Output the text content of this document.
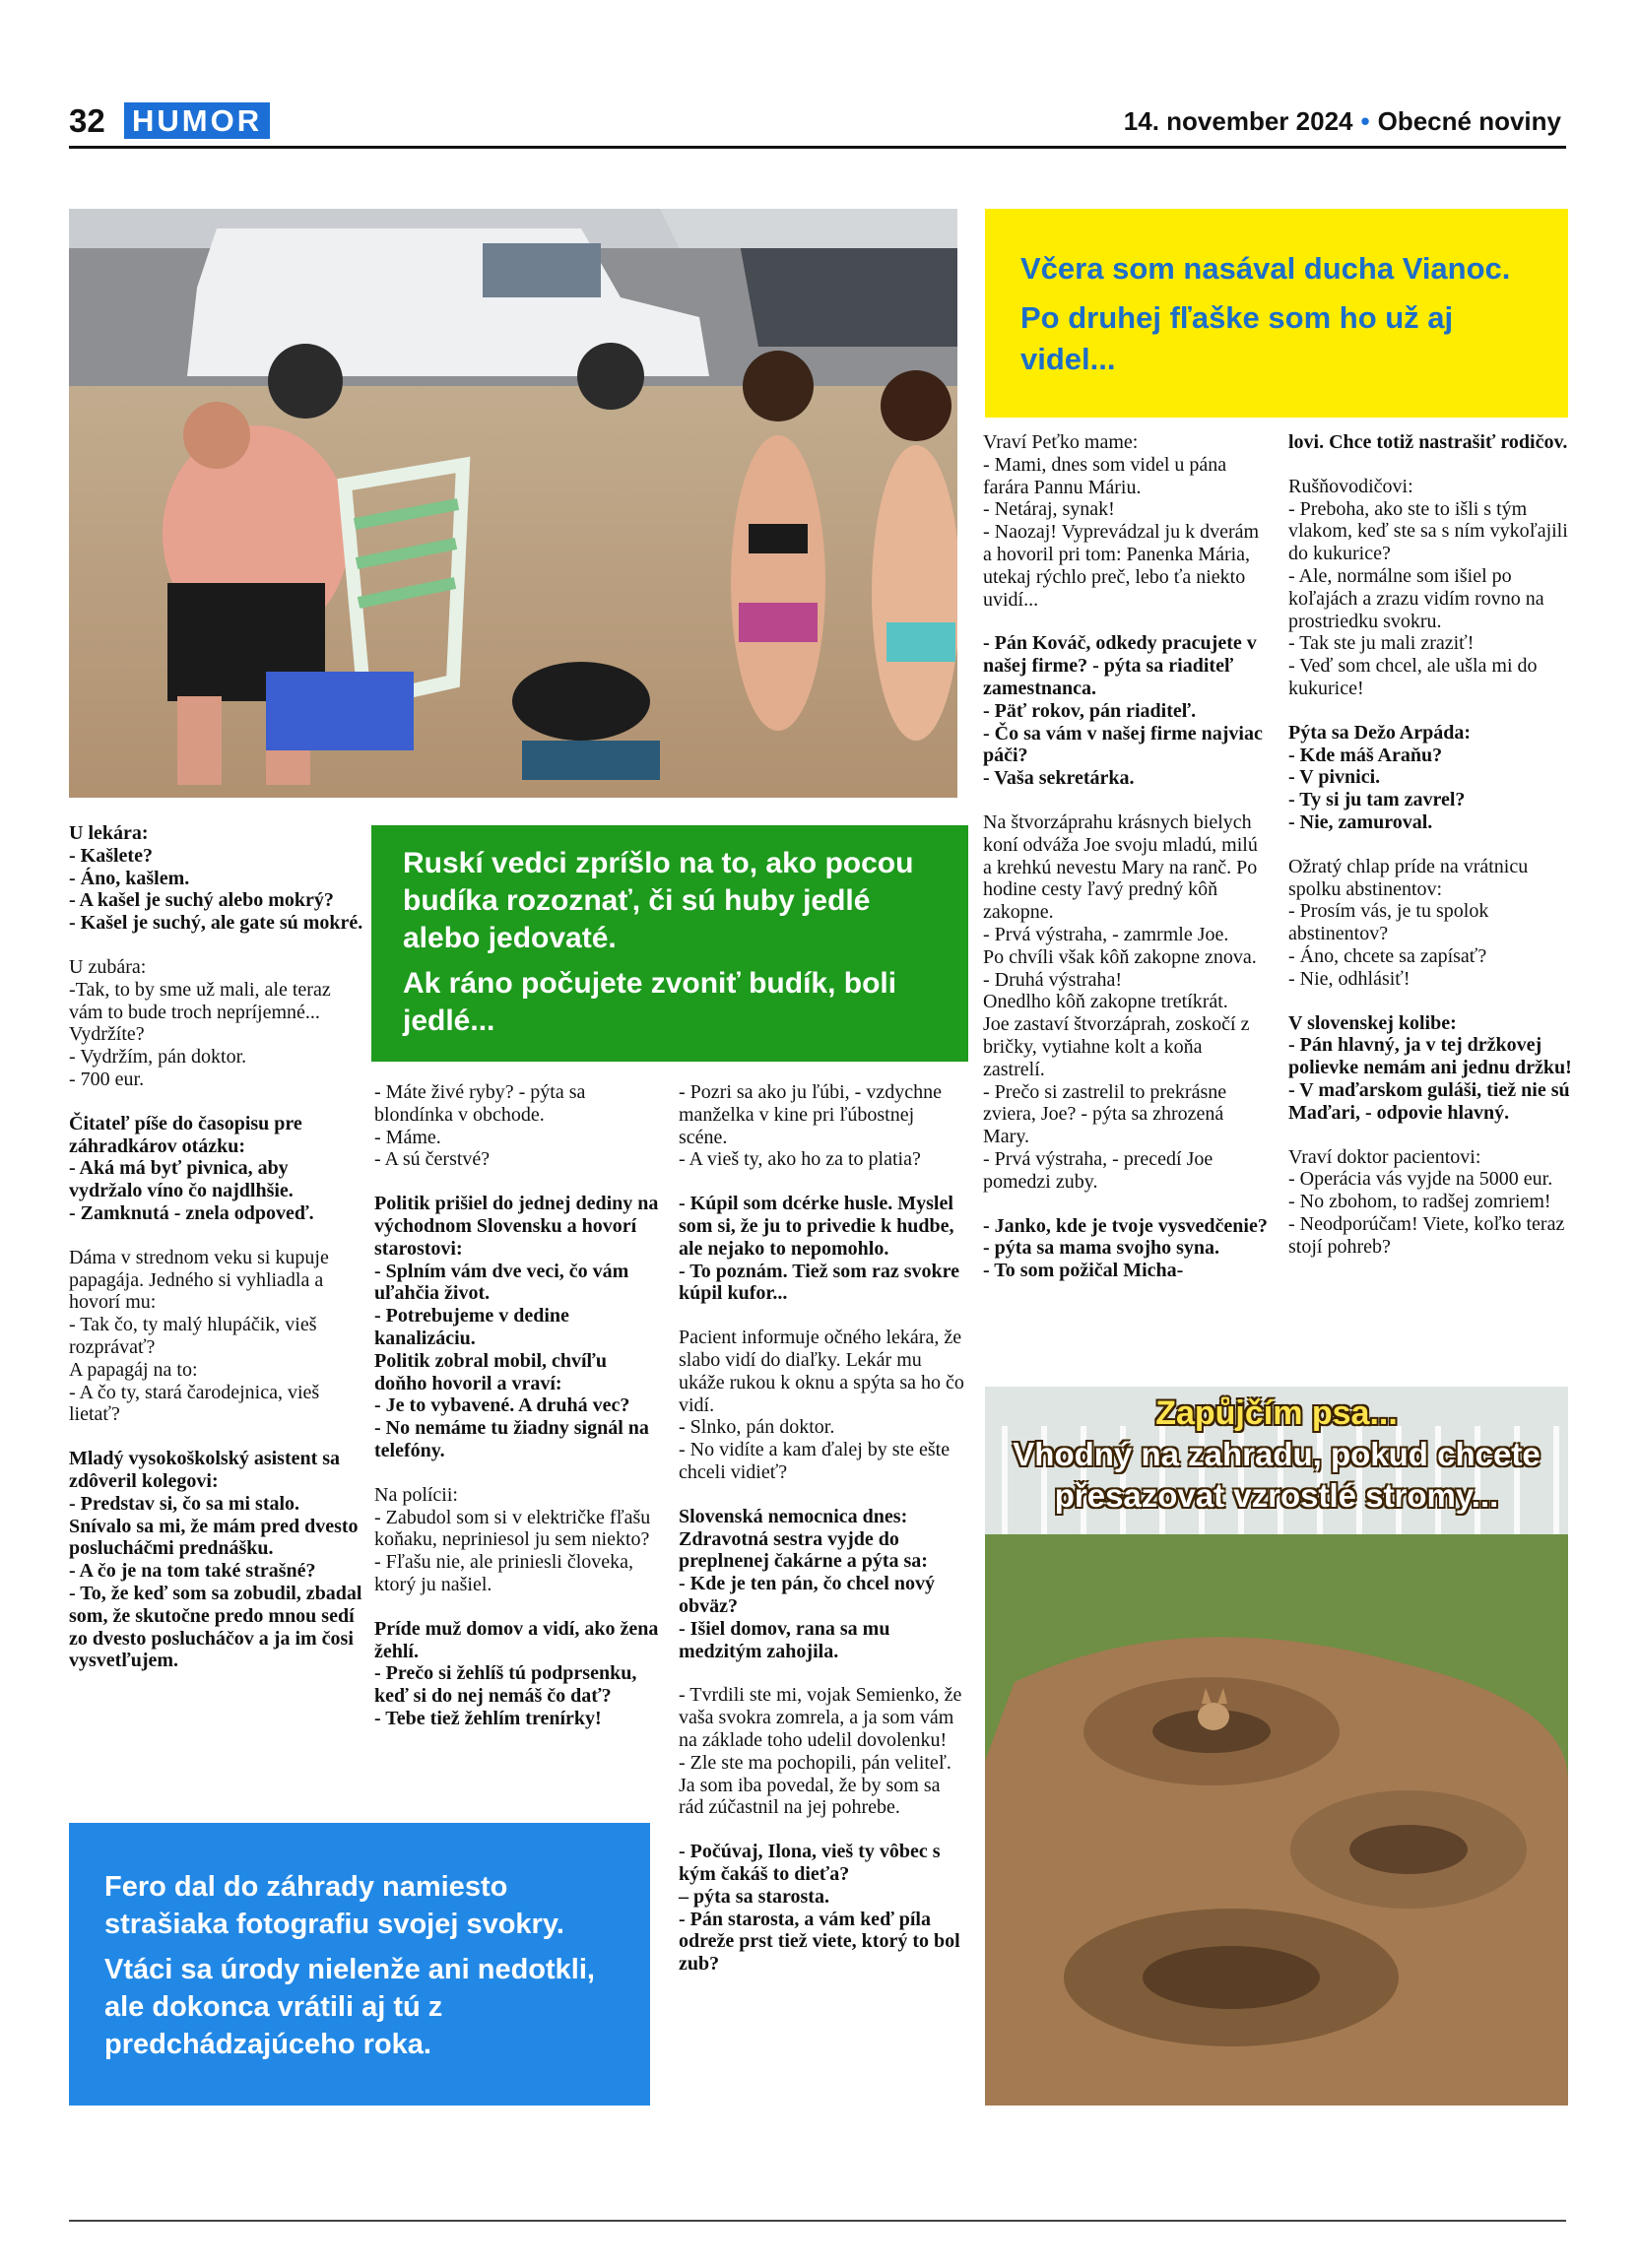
32 HUMOR	14. november 2024 • Obecné noviny

Včera som nasával ducha Vianoc.

Po druhej fľaške som ho už aj videl...

Ruskí vedci zpríšlo na to, ako pocou budíka rozoznať, či sú huby jedlé alebo jedovaté.

Ak ráno počujete zvoniť budík, boli jedlé...

Fero dal do záhrady namiesto strašiaka fotografiu svojej svokry.

Vtáci sa úrody nielenže ani nedotkli, ale dokonca vrátili aj tú z predchádzajúceho roka.

Zapůjčím psa...
Vhodný na zahradu, pokud chcete
přesazovat vzrostlé stromy...

U lekára:
- Kašlete?
- Áno, kašlem.
- A kašel je suchý alebo mokrý?
- Kašel je suchý, ale gate sú mokré.

U zubára:
-Tak, to by sme už mali, ale teraz vám to bude troch nepríjemné... Vydržíte?
- Vydržím, pán doktor.
- 700 eur.

Čitateľ píše do časopisu pre záhradkárov otázku:
- Aká má byť pivnica, aby vydržalo víno čo najdlhšie.
- Zamknutá - znela odpoveď.

Dáma v strednom veku si kupuje papagája. Jedného si vyhliadla a hovorí mu:
- Tak čo, ty malý hlupáčik, vieš rozprávať?
A papagáj na to:
- A čo ty, stará čarodejnica, vieš lietať?

Mladý vysokoškolský asistent sa zdôveril kolegovi:
- Predstav si, čo sa mi stalo. Snívalo sa mi, že mám pred dvesto poslucháčmi prednášku.
- A čo je na tom také strašné?
- To, že keď som sa zobudil, zbadal som, že skutočne predo mnou sedí zo dvesto poslucháčov a ja im čosi vysvetľujem.

- Máte živé ryby? - pýta sa blondínka v obchode.
- Máme.
- A sú čerstvé?

Politik prišiel do jednej dediny na východnom Slovensku a hovorí starostovi:
- Splním vám dve veci, čo vám uľahčia život.
- Potrebujeme v dedine kanalizáciu.
Politik zobral mobil, chvíľu doňho hovoril a vraví:
- Je to vybavené. A druhá vec?
- No nemáme tu žiadny signál na telefóny.

Na polícii:
- Zabudol som si v električke fľašu koňaku, nepriniesol ju sem niekto?
- Fľašu nie, ale priniesli človeka, ktorý ju našiel.

Príde muž domov a vidí, ako žena žehlí.
- Prečo si žehlíš tú podprsenku, keď si do nej nemáš čo dať?
- Tebe tiež žehlím trenírky!

- Pozri sa ako ju ľúbi, - vzdychne manželka v kine pri ľúbostnej scéne.
- A vieš ty, ako ho za to platia?

- Kúpil som dcérke husle. Myslel som si, že ju to privedie k hudbe, ale nejako to nepomohlo.
- To poznám. Tiež som raz svokre kúpil kufor...

Pacient informuje očného lekára, že slabo vidí do diaľky. Lekár mu ukáže rukou k oknu a spýta sa ho čo vidí.
- Slnko, pán doktor.
- No vidíte a kam ďalej by ste ešte chceli vidieť?

Slovenská nemocnica dnes:
Zdravotná sestra vyjde do preplnenej čakárne a pýta sa:
- Kde je ten pán, čo chcel nový obväz?
- Išiel domov, rana sa mu medzitým zahojila.

- Tvrdili ste mi, vojak Semienko, že vaša svokra zomrela, a ja som vám na základe toho udelil dovolenku!
- Zle ste ma pochopili, pán veliteľ. Ja som iba povedal, že by som sa rád zúčastnil na jej pohrebe.

- Počúvaj, Ilona, vieš ty vôbec s kým čakáš to dieťa?
– pýta sa starosta.
- Pán starosta, a vám keď píla odreže prst tiež viete, ktorý to bol zub?

Vraví Peťko mame:
- Mami, dnes som videl u pána farára Pannu Máriu.
- Netáraj, synak!
- Naozaj! Vyprevádzal ju k dverám a hovoril pri tom: Panenka Mária, utekaj rýchlo preč, lebo ťa niekto uvidí...

- Pán Kováč, odkedy pracujete v našej firme? - pýta sa riaditeľ zamestnanca.
- Päť rokov, pán riaditeľ.
- Čo sa vám v našej firme najviac páči?
- Vaša sekretárka.

Na štvorzáprahu krásnych bielych koní odváža Joe svoju mladú, milú a krehkú nevestu Mary na ranč. Po hodine cesty ľavý predný kôň zakopne.
- Prvá výstraha, - zamrmle Joe.
Po chvíli však kôň zakopne znova.
- Druhá výstraha!
Onedlho kôň zakopne tretíkrát.
Joe zastaví štvorzáprah, zoskočí z bričky, vytiahne kolt a koňa zastrelí.
- Prečo si zastrelil to prekrásne zviera, Joe? - pýta sa zhrozená Mary.
- Prvá výstraha, - precedí Joe pomedzi zuby.

- Janko, kde je tvoje vysvedčenie? - pýta sa mama svojho syna.
- To som požičal Micha-

lovi. Chce totiž nastrašiť rodičov.

Rušňovodičovi:
- Preboha, ako ste to išli s tým vlakom, keď ste sa s ním vykoľajili do kukurice?
- Ale, normálne som išiel po koľajách a zrazu vidím rovno na prostriedku svokru.
- Tak ste ju mali zraziť!
- Veď som chcel, ale ušla mi do kukurice!

Pýta sa Dežo Arpáda:
- Kde máš Araňu?
- V pivnici.
- Ty si ju tam zavrel?
- Nie, zamuroval.

Ožratý chlap príde na vrátnicu spolku abstinentov:
- Prosím vás, je tu spolok abstinentov?
- Áno, chcete sa zapísať?
- Nie, odhlásiť!

V slovenskej kolibe:
- Pán hlavný, ja v tej držkovej polievke nemám ani jednu držku!
- V maďarskom guláši, tiež nie sú Maďari, - odpovie hlavný.

Vraví doktor pacientovi:
- Operácia vás vyjde na 5000 eur.
- No zbohom, to radšej zomriem!
- Neodporúčam! Viete, koľko teraz stojí pohreb?
